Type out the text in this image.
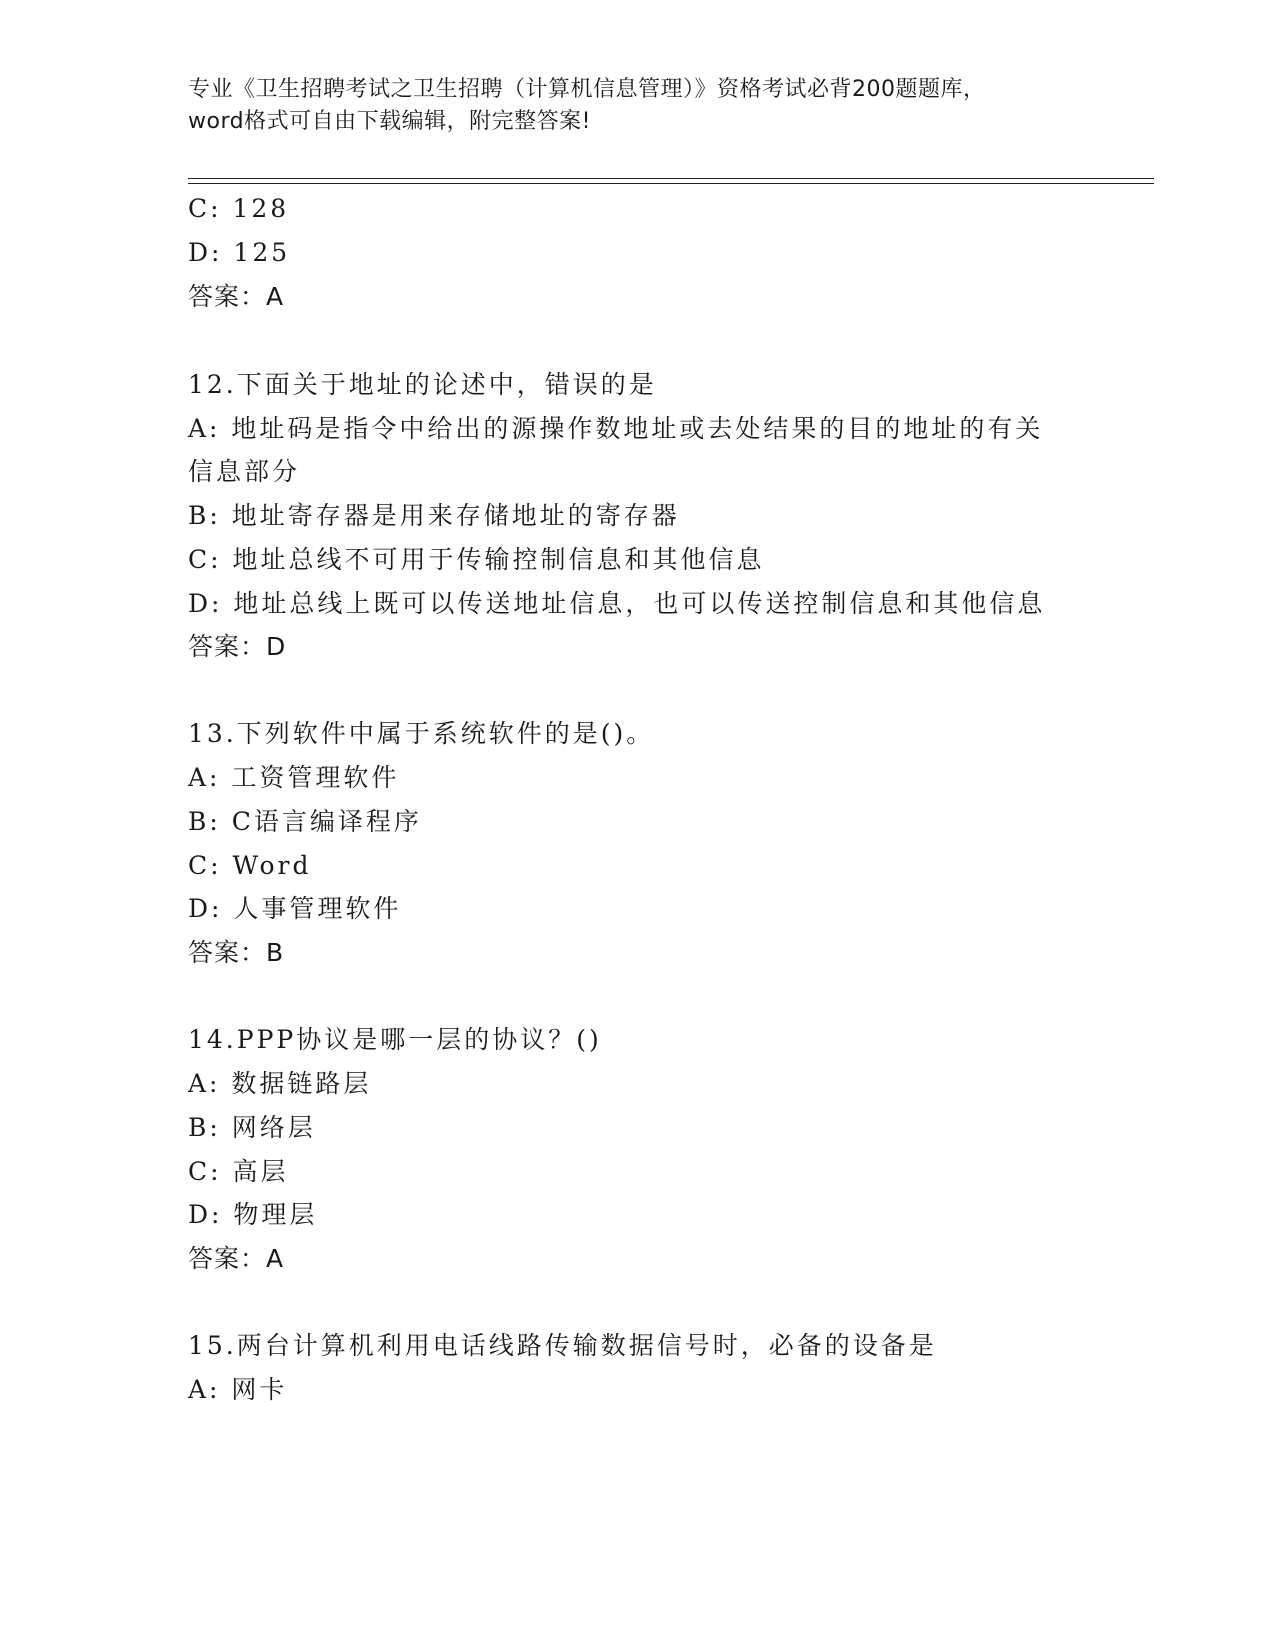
专业《卫生招聘考试之卫生招聘（计算机信息管理）》资格考试必背200题题库，
word格式可自由下载编辑，附完整答案!
C: 128
D: 125
答案：A
12.下面关于地址的论述中，错误的是
A: 地址码是指令中给出的源操作数地址或去处结果的目的地址的有关
信息部分
B: 地址寄存器是用来存储地址的寄存器
C: 地址总线不可用于传输控制信息和其他信息
D: 地址总线上既可以传送地址信息，也可以传送控制信息和其他信息
答案：D
13.下列软件中属于系统软件的是()。
A: 工资管理软件
B: C语言编译程序
C: Word
D: 人事管理软件
答案：B
14.PPP协议是哪一层的协议？()
A: 数据链路层
B: 网络层
C: 高层
D: 物理层
答案：A
15.两台计算机利用电话线路传输数据信号时，必备的设备是
A: 网卡
